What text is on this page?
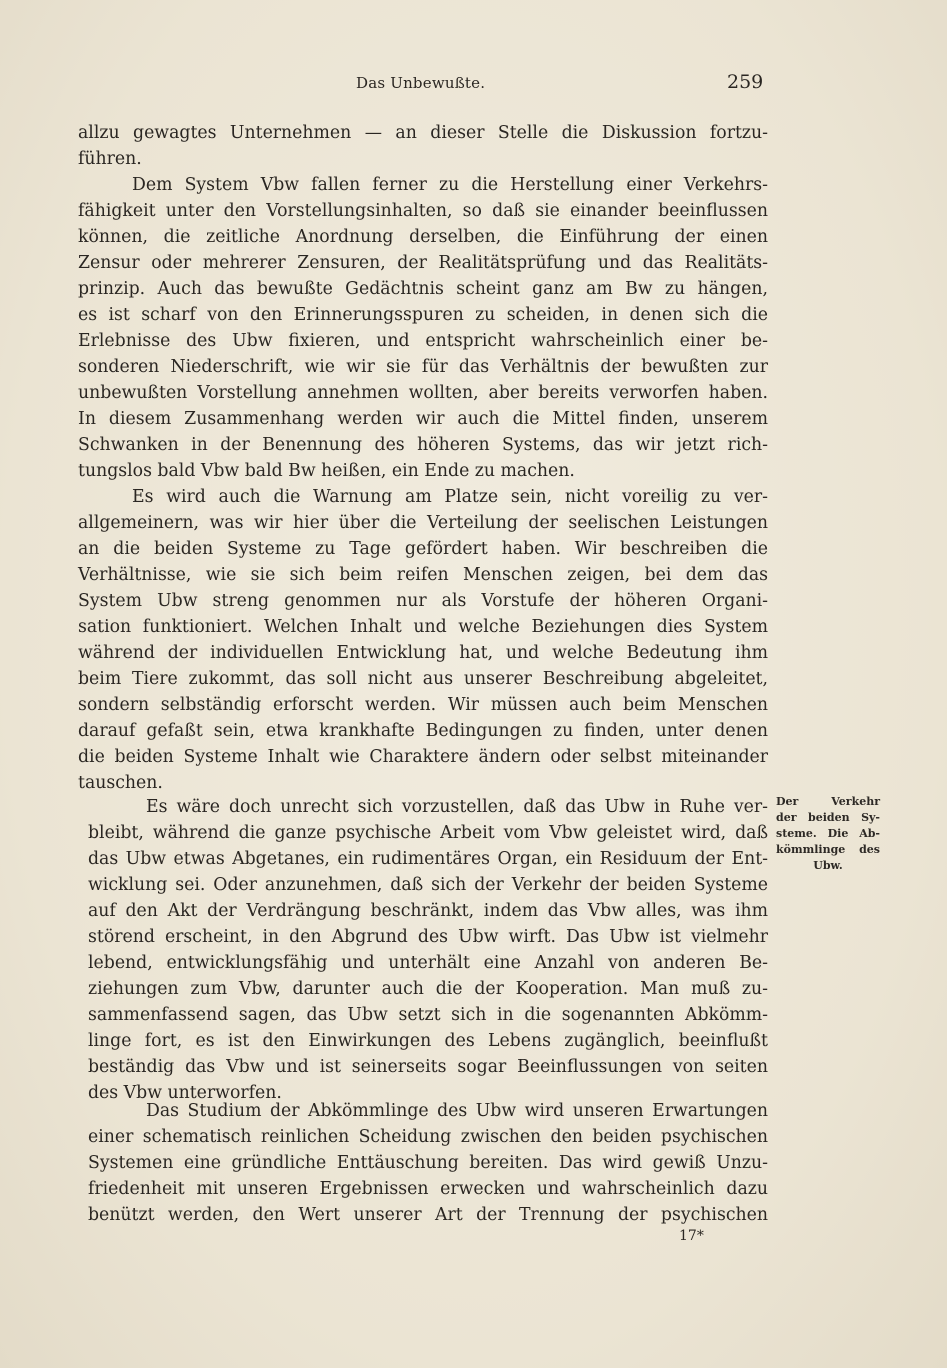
Das Unbewußte.	259
allzu gewagtes Unternehmen — an dieser Stelle die Diskussion fortzu-
führen.
Dem System Vbw fallen ferner zu die Herstellung einer Verkehrs-
fähigkeit unter den Vorstellungsinhalten, so daß sie einander beeinflussen
können, die zeitliche Anordnung derselben, die Einführung der einen
Zensur oder mehrerer Zensuren, der Realitätsprüfung und das Realitäts-
prinzip. Auch das bewußte Gedächtnis scheint ganz am Bw zu hängen,
es ist scharf von den Erinnerungsspuren zu scheiden, in denen sich die
Erlebnisse des Ubw fixieren, und entspricht wahrscheinlich einer be-
sonderen Niederschrift, wie wir sie für das Verhältnis der bewußten zur
unbewußten Vorstellung annehmen wollten, aber bereits verworfen haben.
In diesem Zusammenhang werden wir auch die Mittel finden, unserem
Schwanken in der Benennung des höheren Systems, das wir jetzt rich-
tungslos bald Vbw bald Bw heißen, ein Ende zu machen.
Es wird auch die Warnung am Platze sein, nicht voreilig zu ver-
allgemeinern, was wir hier über die Verteilung der seelischen Leistungen
an die beiden Systeme zu Tage gefördert haben. Wir beschreiben die
Verhältnisse, wie sie sich beim reifen Menschen zeigen, bei dem das
System Ubw streng genommen nur als Vorstufe der höheren Organi-
sation funktioniert. Welchen Inhalt und welche Beziehungen dies System
während der individuellen Entwicklung hat, und welche Bedeutung ihm
beim Tiere zukommt, das soll nicht aus unserer Beschreibung abgeleitet,
sondern selbständig erforscht werden. Wir müssen auch beim Menschen
darauf gefaßt sein, etwa krankhafte Bedingungen zu finden, unter denen
die beiden Systeme Inhalt wie Charaktere ändern oder selbst miteinander
tauschen.
Es wäre doch unrecht sich vorzustellen, daß das Ubw in Ruhe ver-
bleibt, während die ganze psychische Arbeit vom Vbw geleistet wird, daß
das Ubw etwas Abgetanes, ein rudimentäres Organ, ein Residuum der Ent-
wicklung sei. Oder anzunehmen, daß sich der Verkehr der beiden Systeme
auf den Akt der Verdrängung beschränkt, indem das Vbw alles, was ihm
störend erscheint, in den Abgrund des Ubw wirft. Das Ubw ist vielmehr
lebend, entwicklungsfähig und unterhält eine Anzahl von anderen Be-
ziehungen zum Vbw, darunter auch die der Kooperation. Man muß zu-
sammenfassend sagen, das Ubw setzt sich in die sogenannten Abkömm-
linge fort, es ist den Einwirkungen des Lebens zugänglich, beeinflußt
beständig das Vbw und ist seinerseits sogar Beeinflussungen von seiten
des Vbw unterworfen.
Das Studium der Abkömmlinge des Ubw wird unseren Erwartungen
einer schematisch reinlichen Scheidung zwischen den beiden psychischen
Systemen eine gründliche Enttäuschung bereiten. Das wird gewiß Unzu-
friedenheit mit unseren Ergebnissen erwecken und wahrscheinlich dazu
benützt werden, den Wert unserer Art der Trennung der psychischen
Der Verkehr
der beiden Sy-
steme. Die Ab-
kömmlinge des
Ubw.
17*
